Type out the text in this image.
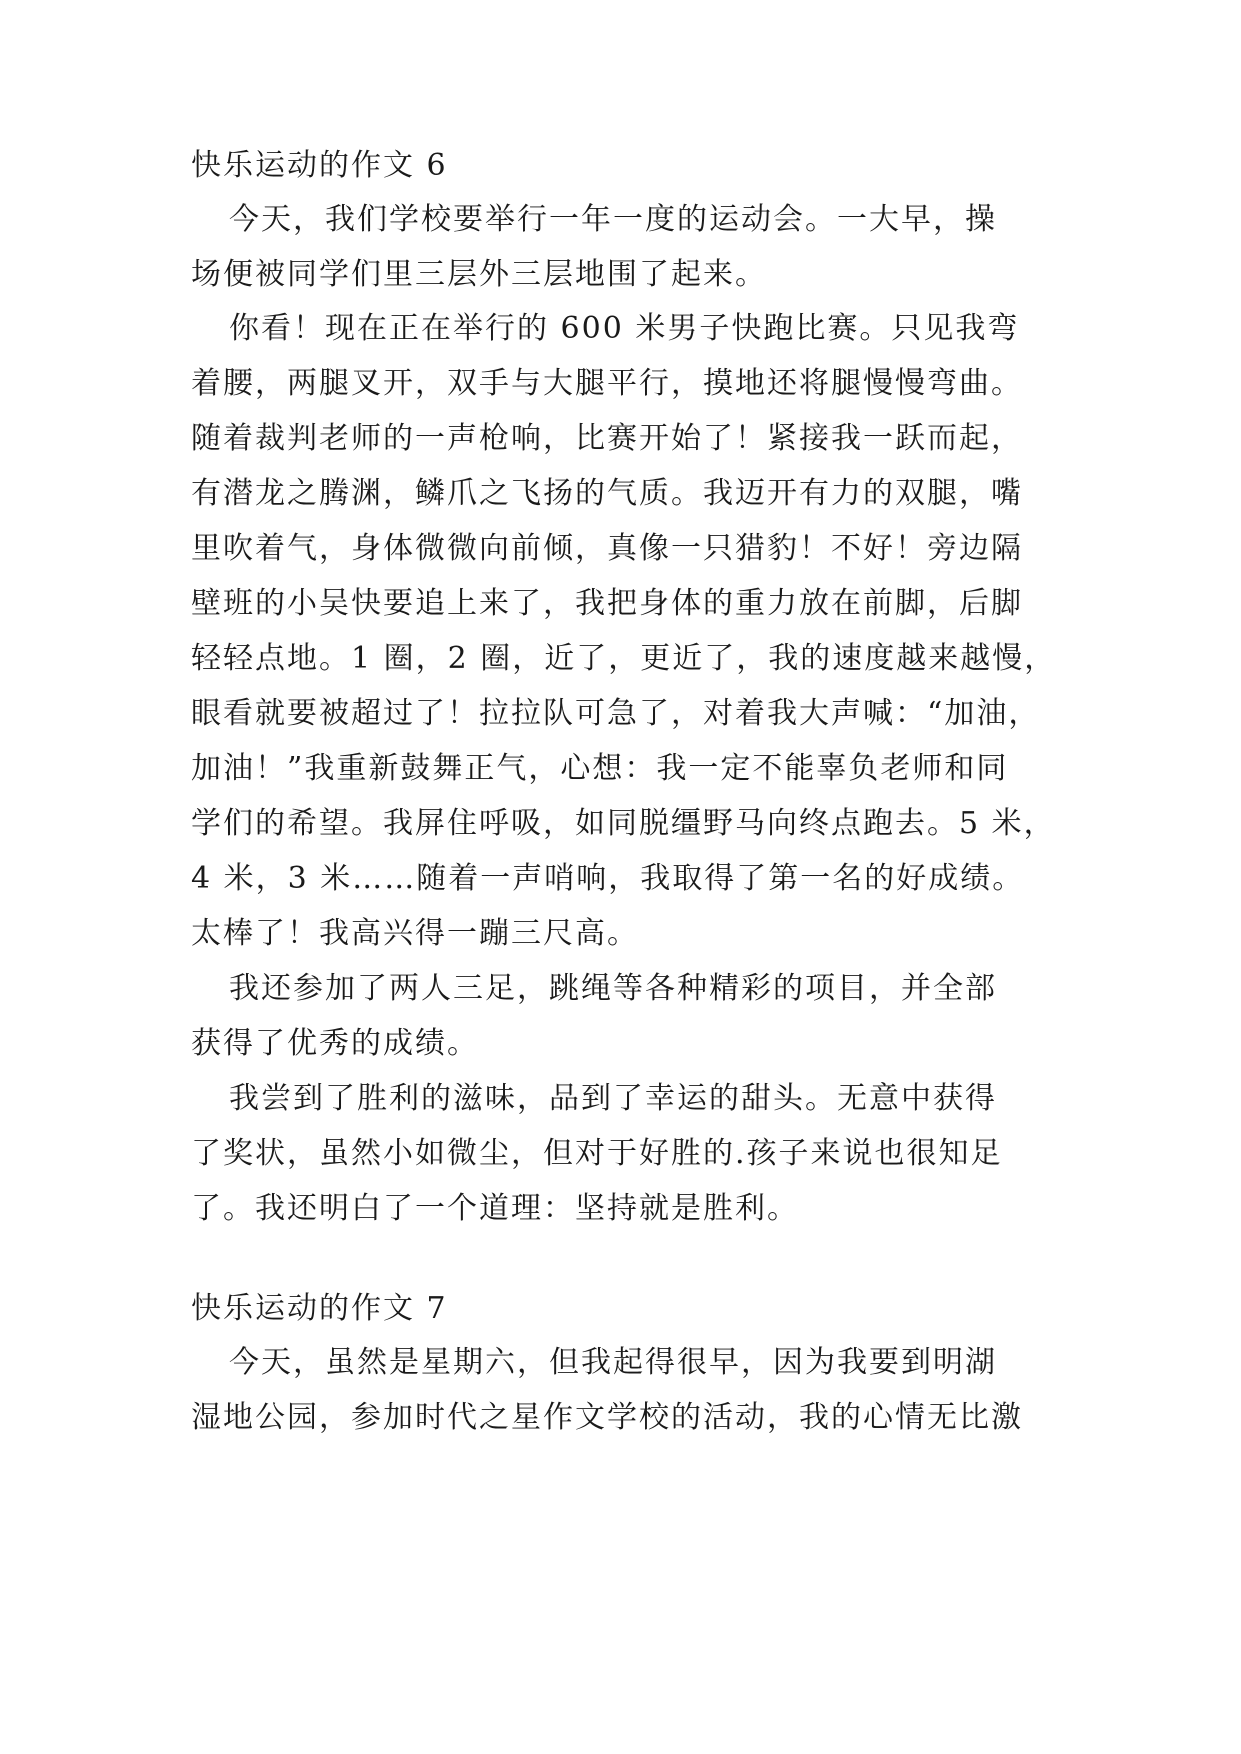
快乐运动的作文 6
今天，我们学校要举行一年一度的运动会。一大早，操
场便被同学们里三层外三层地围了起来。
你看！现在正在举行的 600 米男子快跑比赛。只见我弯
着腰，两腿叉开，双手与大腿平行，摸地还将腿慢慢弯曲。
随着裁判老师的一声枪响，比赛开始了！紧接我一跃而起，
有潜龙之腾渊，鳞爪之飞扬的气质。我迈开有力的双腿，嘴
里吹着气，身体微微向前倾，真像一只猎豹！不好！旁边隔
壁班的小吴快要追上来了，我把身体的重力放在前脚，后脚
轻轻点地。1 圈，2 圈，近了，更近了，我的速度越来越慢，
眼看就要被超过了！拉拉队可急了，对着我大声喊：“加油，
加油！”我重新鼓舞正气，心想：我一定不能辜负老师和同
学们的希望。我屏住呼吸，如同脱缰野马向终点跑去。5 米，
4 米，3 米……随着一声哨响，我取得了第一名的好成绩。
太棒了！我高兴得一蹦三尺高。
我还参加了两人三足，跳绳等各种精彩的项目，并全部
获得了优秀的成绩。
我尝到了胜利的滋味，品到了幸运的甜头。无意中获得
了奖状，虽然小如微尘，但对于好胜的.孩子来说也很知足
了。我还明白了一个道理：坚持就是胜利。
快乐运动的作文 7
今天，虽然是星期六，但我起得很早，因为我要到明湖
湿地公园，参加时代之星作文学校的活动，我的心情无比激
